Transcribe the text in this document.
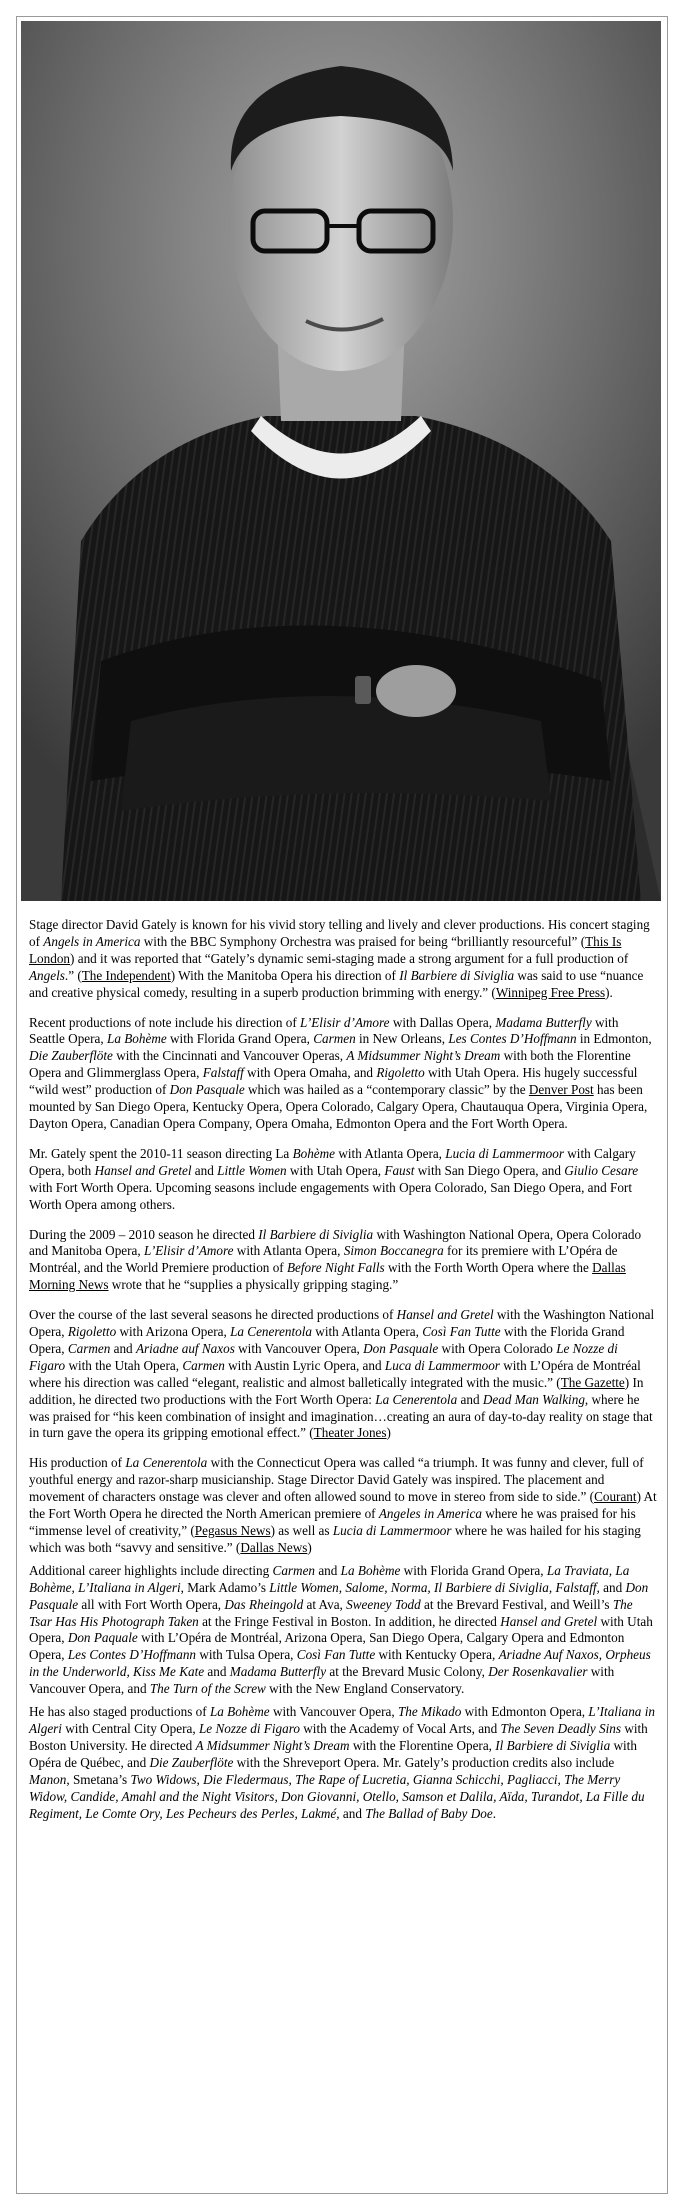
Stage director David Gately is known for his vivid story telling and lively and clever productions. His concert staging of Angels in America with the BBC Symphony Orchestra was praised for being “brilliantly resourceful” (This Is London) and it was reported that “Gately’s dynamic semi-staging made a strong argument for a full production of Angels.” (The Independent) With the Manitoba Opera his direction of Il Barbiere di Siviglia was said to use “nuance and creative physical comedy, resulting in a superb production brimming with energy.” (Winnipeg Free Press).

Recent productions of note include his direction of L’Elisir d’Amore with Dallas Opera, Madama Butterfly with Seattle Opera, La Bohème with Florida Grand Opera, Carmen in New Orleans, Les Contes D’Hoffmann in Edmonton, Die Zauberflöte with the Cincinnati and Vancouver Operas, A Midsummer Night’s Dream with both the Florentine Opera and Glimmerglass Opera, Falstaff with Opera Omaha, and Rigoletto with Utah Opera. His hugely successful “wild west” production of Don Pasquale which was hailed as a “contemporary classic” by the Denver Post has been mounted by San Diego Opera, Kentucky Opera, Opera Colorado, Calgary Opera, Chautauqua Opera, Virginia Opera, Dayton Opera, Canadian Opera Company, Opera Omaha, Edmonton Opera and the Fort Worth Opera.

Mr. Gately spent the 2010-11 season directing La Bohème with Atlanta Opera, Lucia di Lammermoor with Calgary Opera, both Hansel and Gretel and Little Women with Utah Opera, Faust with San Diego Opera, and Giulio Cesare with Fort Worth Opera. Upcoming seasons include engagements with Opera Colorado, San Diego Opera, and Fort Worth Opera among others.

During the 2009 – 2010 season he directed Il Barbiere di Siviglia with Washington National Opera, Opera Colorado and Manitoba Opera, L’Elisir d’Amore with Atlanta Opera, Simon Boccanegra for its premiere with L’Opéra de Montréal, and the World Premiere production of Before Night Falls with the Forth Worth Opera where the Dallas Morning News wrote that he “supplies a physically gripping staging.”

Over the course of the last several seasons he directed productions of Hansel and Gretel with the Washington National Opera, Rigoletto with Arizona Opera, La Cenerentola with Atlanta Opera, Così Fan Tutte with the Florida Grand Opera, Carmen and Ariadne auf Naxos with Vancouver Opera, Don Pasquale with Opera Colorado Le Nozze di Figaro with the Utah Opera, Carmen with Austin Lyric Opera, and Luca di Lammermoor with L’Opéra de Montréal where his direction was called “elegant, realistic and almost balletically integrated with the music.” (The Gazette) In addition, he directed two productions with the Fort Worth Opera: La Cenerentola and Dead Man Walking, where he was praised for “his keen combination of insight and imagination…creating an aura of day-to-day reality on stage that in turn gave the opera its gripping emotional effect.” (Theater Jones)

His production of La Cenerentola with the Connecticut Opera was called “a triumph. It was funny and clever, full of youthful energy and razor-sharp musicianship. Stage Director David Gately was inspired. The placement and movement of characters onstage was clever and often allowed sound to move in stereo from side to side.” (Courant) At the Fort Worth Opera he directed the North American premiere of Angeles in America where he was praised for his “immense level of creativity,” (Pegasus News) as well as Lucia di Lammermoor where he was hailed for his staging which was both “savvy and sensitive.” (Dallas News)

Additional career highlights include directing Carmen and La Bohème with Florida Grand Opera, La Traviata, La Bohème, L’Italiana in Algeri, Mark Adamo’s Little Women, Salome, Norma, Il Barbiere di Siviglia, Falstaff, and Don Pasquale all with Fort Worth Opera, Das Rheingold at Ava, Sweeney Todd at the Brevard Festival, and Weill’s The Tsar Has His Photograph Taken at the Fringe Festival in Boston. In addition, he directed Hansel and Gretel with Utah Opera, Don Paquale with L’Opéra de Montréal, Arizona Opera, San Diego Opera, Calgary Opera and Edmonton Opera, Les Contes D’Hoffmann with Tulsa Opera, Così Fan Tutte with Kentucky Opera, Ariadne Auf Naxos, Orpheus in the Underworld, Kiss Me Kate and Madama Butterfly at the Brevard Music Colony, Der Rosenkavalier with Vancouver Opera, and The Turn of the Screw with the New England Conservatory.

He has also staged productions of La Bohème with Vancouver Opera, The Mikado with Edmonton Opera, L’Italiana in Algeri with Central City Opera, Le Nozze di Figaro with the Academy of Vocal Arts, and The Seven Deadly Sins with Boston University. He directed A Midsummer Night’s Dream with the Florentine Opera, Il Barbiere di Siviglia with Opéra de Québec, and Die Zauberflöte with the Shreveport Opera. Mr. Gately’s production credits also include Manon, Smetana’s Two Widows, Die Fledermaus, The Rape of Lucretia, Gianna Schicchi, Pagliacci, The Merry Widow, Candide, Amahl and the Night Visitors, Don Giovanni, Otello, Samson et Dalila, Aïda, Turandot, La Fille du Regiment, Le Comte Ory, Les Pecheurs des Perles, Lakmé, and The Ballad of Baby Doe.
